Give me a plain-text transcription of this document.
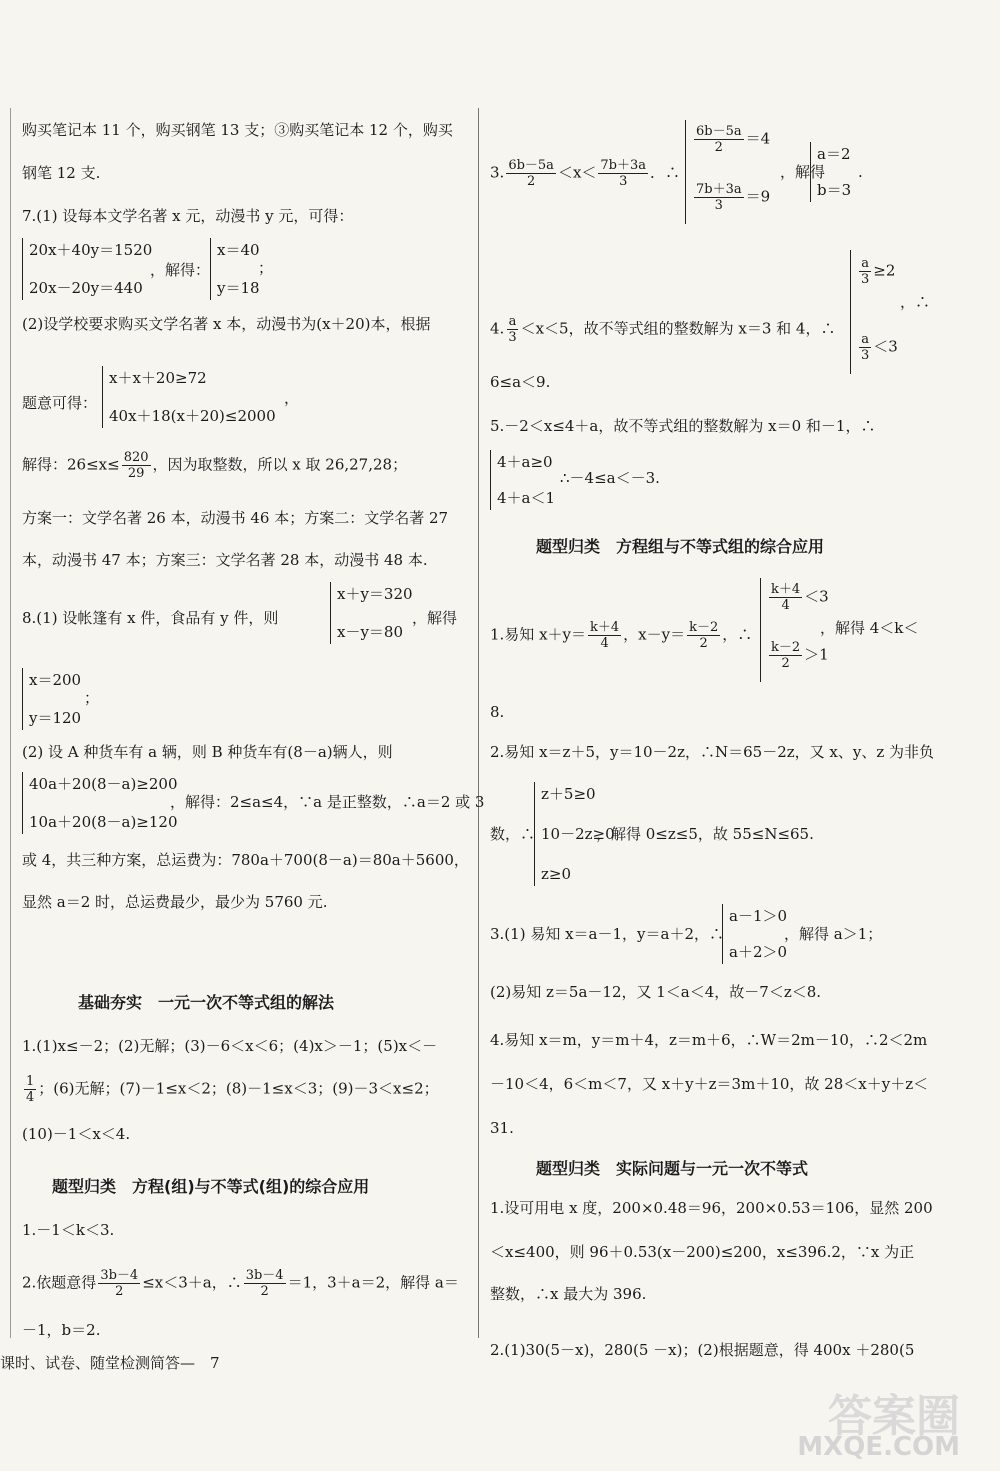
购买笔记本 11 个，购买钢笔 13 支；③购买笔记本 12 个，购买
钢笔 12 支.
7.(1) 设每本文学名著 x 元，动漫书 y 元，可得：
20x＋40y＝1520
20x－20y＝440
，解得：
x＝40
y＝18
；
(2)设学校要求购买文学名著 x 本，动漫书为(x＋20)本，根据
题意可得：
x＋x＋20≥72
40x＋18(x＋20)≤2000
，
解得：$26\le x\le \frac{820}{29}$ ，因为取整数，所以 x 取 26,27,28；
方案一：文学名著 26 本，动漫书 46 本；方案二：文学名著 27
本，动漫书 47 本；方案三：文学名著 28 本，动漫书 48 本.
8.(1) 设帐篷有 x 件，食品有 y 件，则
x＋y＝320
x－y＝80
，解得
x＝200
y＝120
；
(2) 设 A 种货车有 a 辆，则 B 种货车有(8－a)辆人，则
40a＋20(8－a)≥200
10a＋20(8－a)≥120
，解得：2≤a≤4，∵a 是正整数，∴a＝2 或 3
或 4，共三种方案，总运费为：780a＋700(8－a)＝80a＋5600，
显然 a＝2 时，总运费最少，最少为 5760 元.
基础夯实　一元一次不等式组的解法
1.(1)x≤－2；(2)无解；(3)－6＜x＜6；(4)x＞－1；(5)x＜－
$\frac{1}{4}$ ；(6)无解；(7)－1≤x＜2；(8)－1≤x＜3；(9)－3＜x≤2；
(10)－1＜x＜4.
题型归类　方程(组)与不等式(组)的综合应用
1.－1＜k＜3.
2.依题意得 $\frac{3b-4}{2} \le x<3+a$，∴ $\frac{3b-4}{2} =1$，3＋a＝2，解得 a＝
－1，b＝2.
3. $\frac{6b-5a}{2} <x< \frac{7b+3a}{3}$ ．∴
$\frac{6b-5a}{2} =4$
$\frac{7b+3a}{3} =9$
，解得
a＝2
b＝3
.
4. $\frac{a}{3} <x<5$，故不等式组的整数解为 x＝3 和 4，∴
$\frac{a}{3} \ge 2$
$\frac{a}{3} <3$
，∴
6≤a＜9.
5.－2＜x≤4＋a，故不等式组的整数解为 x＝0 和－1，∴
4＋a≥0
4＋a＜1
∴－4≤a＜－3.
题型归类　方程组与不等式组的综合应用
1.易知 $x+y= \frac{k+4}{4}$ ，$x-y= \frac{k-2}{2}$ ，∴
$\frac{k+4}{4} <3$
$\frac{k-2}{2} >1$
，解得 4＜k＜
8.
2.易知 x＝z＋5，y＝10－2z，∴N＝65－2z，又 x、y、z 为非负
数，∴
z＋5≥0
10－2z≥0
z≥0
，解得 0≤z≤5，故 55≤N≤65.
3.(1) 易知 x＝a－1，y＝a＋2，∴
a－1＞0
a＋2＞0
，解得 a＞1；
(2)易知 z＝5a－12，又 1＜a＜4，故－7＜z＜8.
4.易知 x＝m，y＝m＋4，z＝m＋6，∴W＝2m－10，∴2＜2m
－10＜4，6＜m＜7，又 x＋y＋z＝3m＋10，故 28＜x＋y＋z＜
31.
题型归类　实际问题与一元一次不等式
1.设可用电 x 度，200×0.48＝96，200×0.53＝106，显然 200
＜x≤400，则 96＋0.53(x－200)≤200，x≤396.2，∵x 为正
整数，∴x 最大为 396.
2.(1)30(5－x)，280(5 －x)；(2)根据题意，得 400x ＋280(5
课时、试卷、随堂检测简答—　7
答案圈
MXQE.COM
